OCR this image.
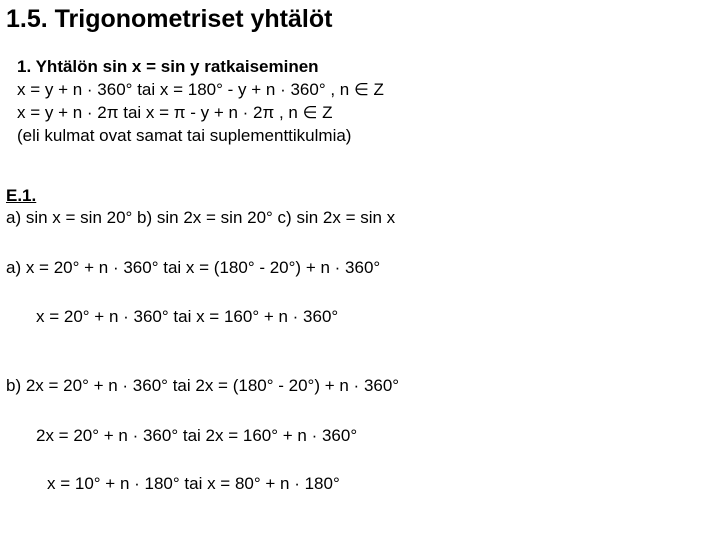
1.5. Trigonometriset yhtälöt
1. Yhtälön sin x = sin y ratkaiseminen
x = y + n · 360° tai x = 180° - y + n · 360° , n ∈ Z
x = y + n · 2π tai x = π - y + n · 2π , n ∈ Z
(eli kulmat ovat samat tai suplementtikulmia)
E.1.
a) sin x = sin 20° b) sin 2x = sin 20° c) sin 2x = sin x
a) x = 20° + n · 360° tai x = (180° - 20°) + n · 360°
x = 20° + n · 360° tai x = 160° + n · 360°
b) 2x = 20° + n · 360° tai 2x = (180° - 20°) + n · 360°
2x = 20° + n · 360° tai 2x = 160° + n · 360°
x = 10° + n · 180° tai x = 80° + n · 180°
